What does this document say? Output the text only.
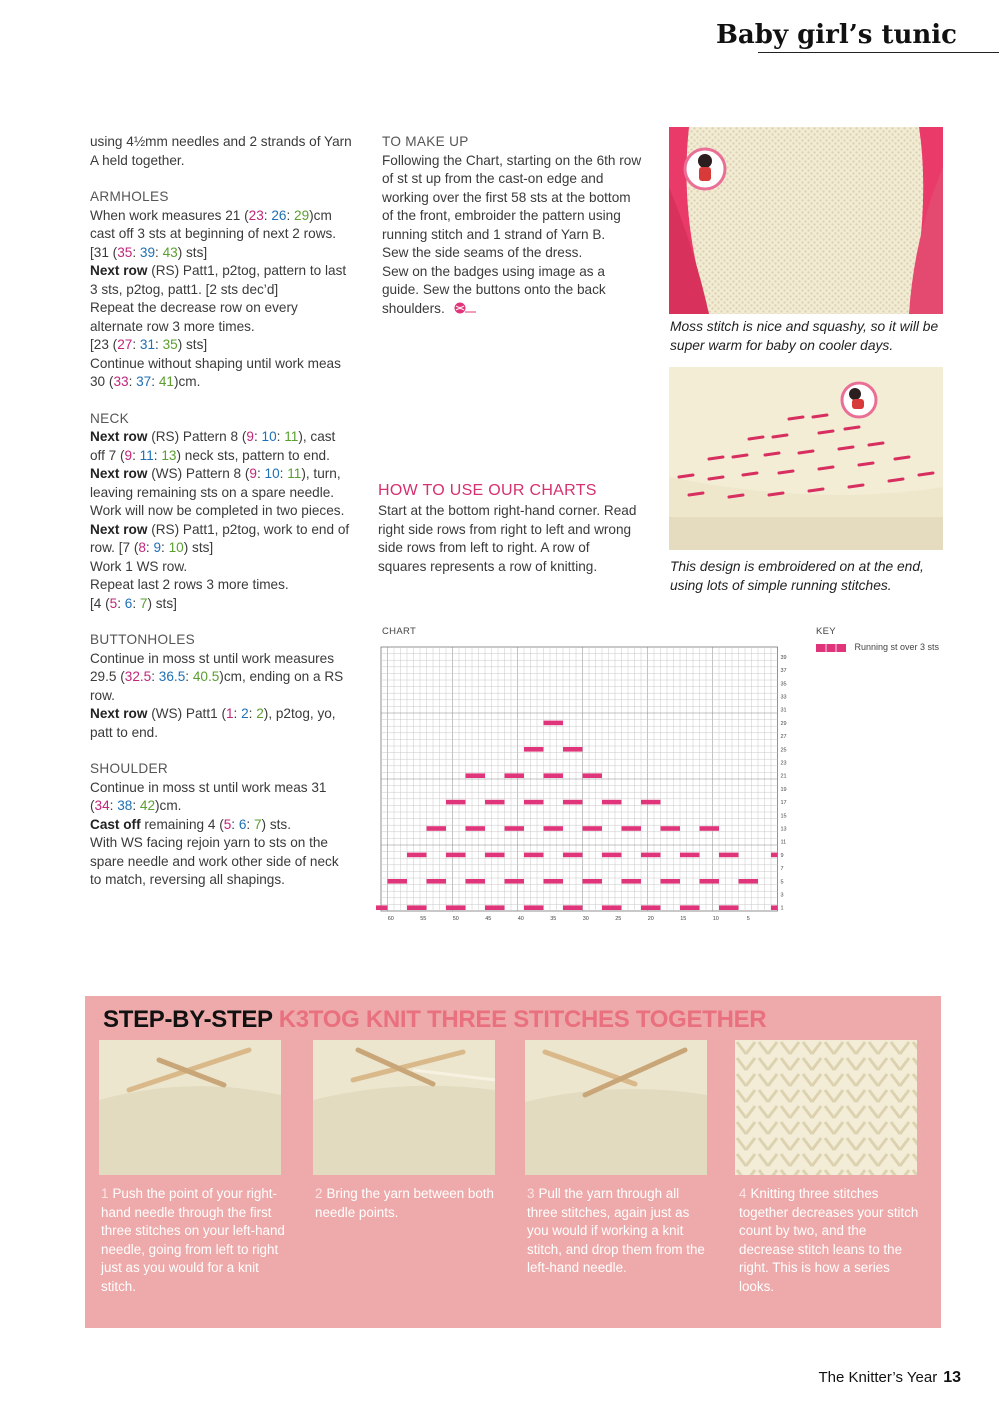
Baby girl’s tunic

using 4½mm needles and 2 strands of Yarn A held together.

ARMHOLES

When work measures 21 (23: 26: 29)cm cast off 3 sts at beginning of next 2 rows. [31 (35: 39: 43) sts]

Next row (RS) Patt1, p2tog, pattern to last 3 sts, p2tog, patt1. [2 sts dec’d]

Repeat the decrease row on every alternate row 3 more times.

[23 (27: 31: 35) sts]

Continue without shaping until work meas 30 (33: 37: 41)cm.

NECK

Next row (RS) Pattern 8 (9: 10: 11), cast off 7 (9: 11: 13) neck sts, pattern to end.

Next row (WS) Pattern 8 (9: 10: 11), turn, leaving remaining sts on a spare needle.

Work will now be completed in two pieces.

Next row (RS) Patt1, p2tog, work to end of row. [7 (8: 9: 10) sts]

Work 1 WS row.

Repeat last 2 rows 3 more times.

[4 (5: 6: 7) sts]

BUTTONHOLES

Continue in moss st until work measures 29.5 (32.5: 36.5: 40.5)cm, ending on a RS row.

Next row (WS) Patt1 (1: 2: 2), p2tog, yo, patt to end.

SHOULDER

Continue in moss st until work meas 31 (34: 38: 42)cm.

Cast off remaining 4 (5: 6: 7) sts.

With WS facing rejoin yarn to sts on the spare needle and work other side of neck to match, reversing all shapings.

TO MAKE UP

Following the Chart, starting on the 6th row of st st up from the cast-on edge and working over the first 58 sts at the bottom of the front, embroider the pattern using running stitch and 1 strand of Yarn B.

Sew the side seams of the dress.

Sew on the badges using image as a guide. Sew the buttons onto the back shoulders.

Moss stitch is nice and squashy, so it will be super warm for baby on cooler days.
This design is embroidered on at the end, using lots of simple running stitches.
HOW TO USE OUR CHARTS
Start at the bottom right-hand corner. Read right side rows from right to left and wrong side rows from left to right. A row of squares represents a row of knitting.
CHART	KEY
Running st over 3 sts
1
3
5
7
9
11
13
15
17
19
21
23
25
27
29
31
33
35
37
39
60	55	50	45	40	35	30	25	20	15	10	5
STEP-BY-STEP K3TOG KNIT THREE STITCHES TOGETHER
1 Push the point of your right-hand needle through the first three stitches on your left-hand needle, going from left to right just as you would for a knit stitch.
2 Bring the yarn between both needle points.
3 Pull the yarn through all three stitches, again just as you would if working a knit stitch, and drop them from the left-hand needle.
4 Knitting three stitches together decreases your stitch count by two, and the decrease stitch leans to the right. This is how a series looks.
The Knitter’s Year 13
